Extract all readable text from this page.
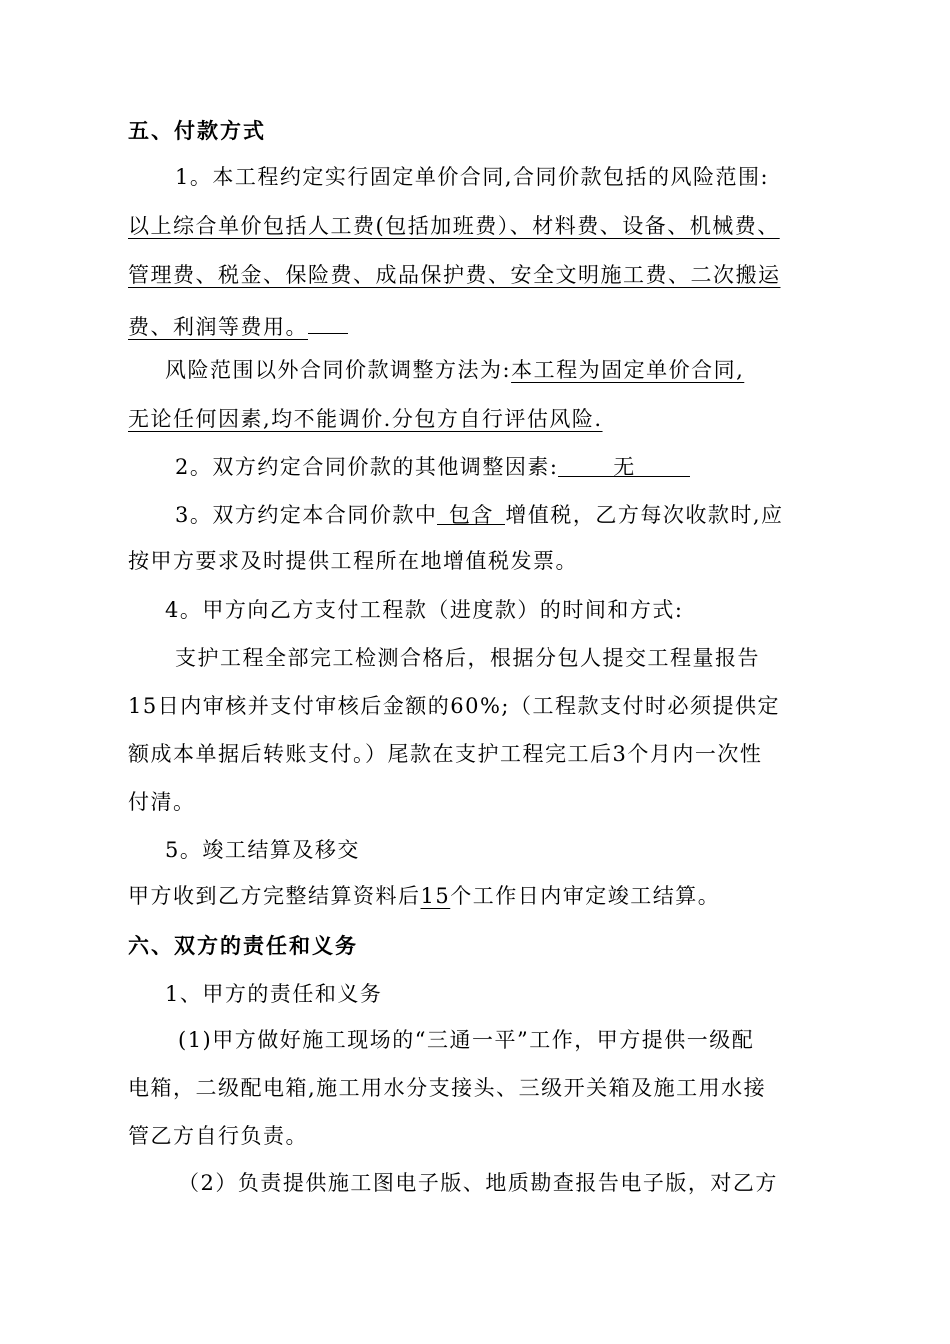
五、付款方式
1。本工程约定实行固定单价合同,合同价款包括的风险范围:
以上综合单价包括人工费(包括加班费）、材料费、设备、机械费、
管理费、税金、保险费、成品保护费、安全文明施工费、二次搬运
费、利润等费用。
风险范围以外合同价款调整方法为:本工程为固定单价合同,
无论任何因素,均不能调价.分包方自行评估风险.
2。双方约定合同价款的其他调整因素:	无
3。双方约定本合同价款中 包含 增值税，乙方每次收款时,应
按甲方要求及时提供工程所在地增值税发票。
4。甲方向乙方支付工程款（进度款）的时间和方式:
支护工程全部完工检测合格后，根据分包人提交工程量报告
15日内审核并支付审核后金额的60%;（工程款支付时必须提供定
额成本单据后转账支付。）尾款在支护工程完工后3个月内一次性
付清。
5。竣工结算及移交
甲方收到乙方完整结算资料后15个工作日内审定竣工结算。
六、双方的责任和义务
1、甲方的责任和义务
(1)甲方做好施工现场的“三通一平”工作，甲方提供一级配
电箱，二级配电箱,施工用水分支接头、三级开关箱及施工用水接
管乙方自行负责。
（2）负责提供施工图电子版、地质勘查报告电子版，对乙方
